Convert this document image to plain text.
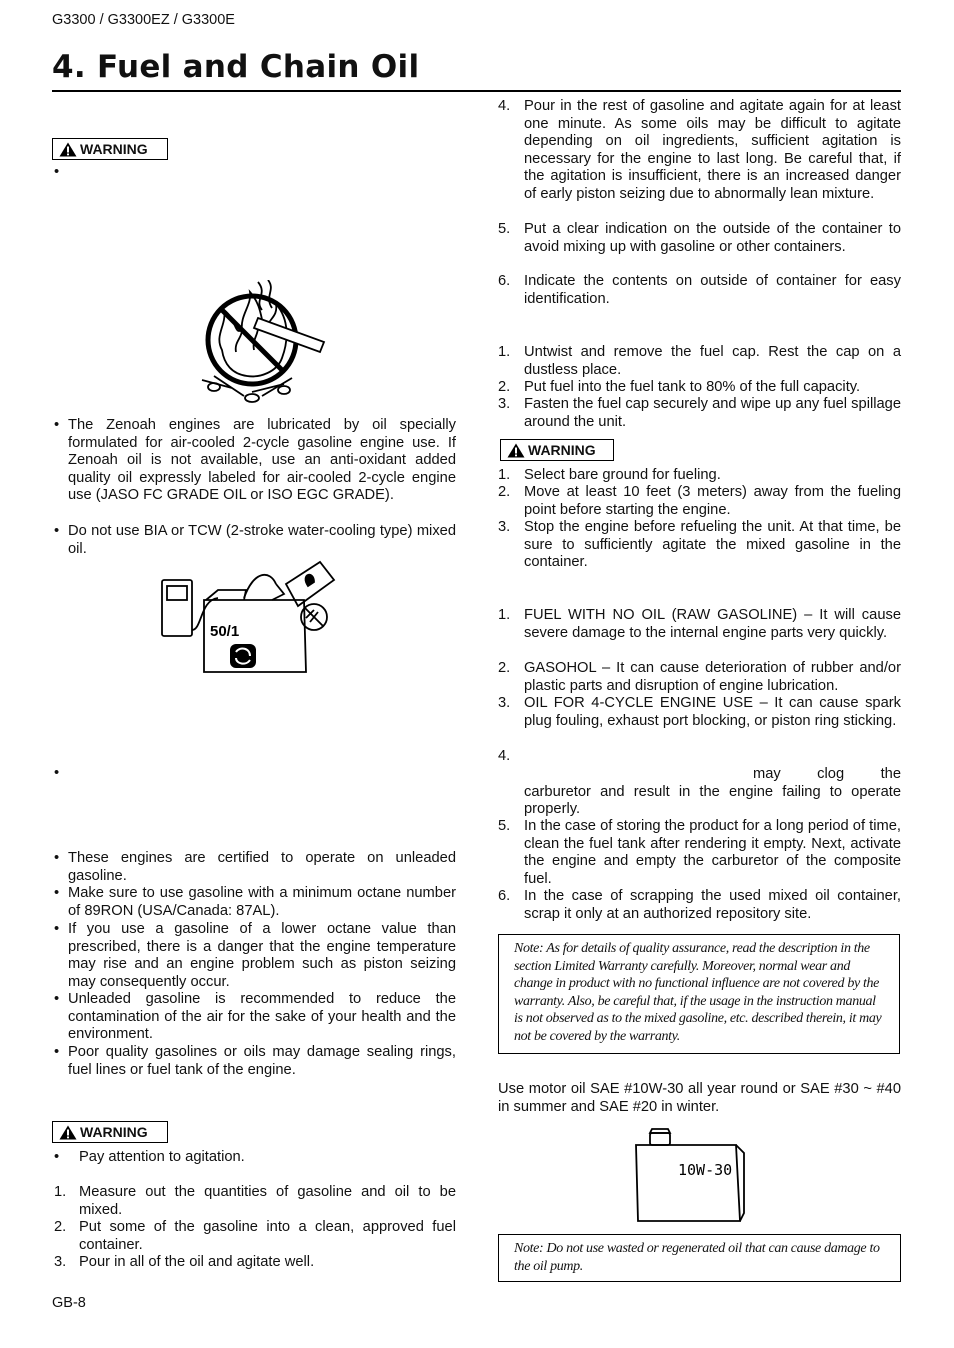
G3300 / G3300EZ / G3300E
4. Fuel and Chain Oil
WARNING
•
• The Zenoah engines are lubricated by oil specially formulated for air-cooled 2-cycle gasoline engine use. If Zenoah oil is not available, use an anti-oxidant added quality oil expressly labeled for air-cooled 2-cycle engine use (JASO FC GRADE OIL or ISO EGC GRADE).
• Do not use BIA or TCW (2-stroke water-cooling type) mixed oil.
50/1
•
• These engines are certified to operate on unleaded gasoline.
• Make sure to use gasoline with a minimum octane number of 89RON (USA/Canada: 87AL).
• If you use a gasoline of a lower octane value than prescribed, there is a danger that the engine temperature may rise and an engine problem such as piston seizing may consequently occur.
• Unleaded gasoline is recommended to reduce the contamination of the air for the sake of your health and the environment.
• Poor quality gasolines or oils may damage sealing rings, fuel lines or fuel tank of the engine.
WARNING
• Pay attention to agitation.
1. Measure out the quantities of gasoline and oil to be mixed.
2. Put some of the gasoline into a clean, approved fuel container.
3. Pour in all of the oil and agitate well.
4. Pour in the rest of gasoline and agitate again for at least one minute. As some oils may be difficult to agitate depending on oil ingredients, sufficient agitation is necessary for the engine to last long. Be careful that, if the agitation is insufficient, there is an increased danger of early piston seizing due to abnormally lean mixture.
5. Put a clear indication on the outside of the container to avoid mixing up with gasoline or other containers.
6. Indicate the contents on outside of container for easy identification.
1. Untwist and remove the fuel cap. Rest the cap on a dustless place.
2. Put fuel into the fuel tank to 80% of the full capacity.
3. Fasten the fuel cap securely and wipe up any fuel spillage around the unit.
WARNING
1. Select bare ground for fueling.
2. Move at least 10 feet (3 meters) away from the fueling point before starting the engine.
3. Stop the engine before refueling the unit. At that time, be sure to sufficiently agitate the mixed gasoline in the container.
1. FUEL WITH NO OIL (RAW GASOLINE) – It will cause severe damage to the internal engine parts very quickly.
2. GASOHOL – It can cause deterioration of rubber and/or plastic parts and disruption of engine lubrication.
3. OIL FOR 4-CYCLE ENGINE USE – It can cause spark plug fouling, exhaust port blocking, or piston ring sticking.
4.
may clog the carburetor and result in the engine failing to operate properly.
5. In the case of storing the product for a long period of time, clean the fuel tank after rendering it empty. Next, activate the engine and empty the carburetor of the composite fuel.
6. In the case of scrapping the used mixed oil container, scrap it only at an authorized repository site.
Note: As for details of quality assurance, read the description in the section Limited Warranty carefully. Moreover, normal wear and change in product with no functional influence are not covered by the warranty. Also, be careful that, if the usage in the instruction manual is not observed as to the mixed gasoline, etc. described therein, it may not be covered by the warranty.
Use motor oil SAE #10W-30 all year round or SAE #30 ~ #40 in summer and SAE #20 in winter.
10W-30
Note: Do not use wasted or regenerated oil that can cause damage to the oil pump.
GB-8
